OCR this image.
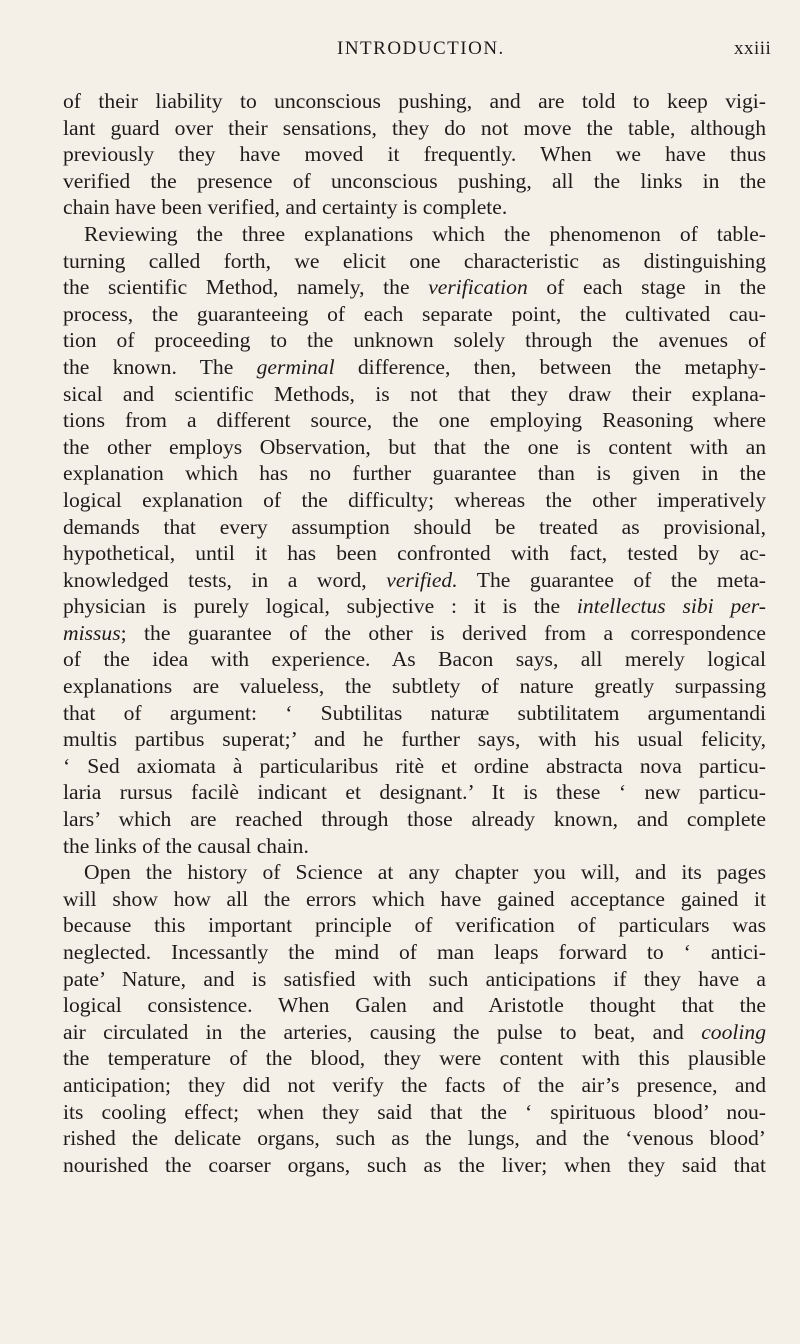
INTRODUCTION.	xxiii
of their liability to unconscious pushing, and are told to keep vigi-
lant guard over their sensations, they do not move the table, although
previously they have moved it frequently. When we have thus
verified the presence of unconscious pushing, all the links in the
chain have been verified, and certainty is complete.
Reviewing the three explanations which the phenomenon of table-
turning called forth, we elicit one characteristic as distinguishing
the scientific Method, namely, the verification of each stage in the
process, the guaranteeing of each separate point, the cultivated cau-
tion of proceeding to the unknown solely through the avenues of
the known. The germinal difference, then, between the metaphy-
sical and scientific Methods, is not that they draw their explana-
tions from a different source, the one employing Reasoning where
the other employs Observation, but that the one is content with an
explanation which has no further guarantee than is given in the
logical explanation of the difficulty; whereas the other imperatively
demands that every assumption should be treated as provisional,
hypothetical, until it has been confronted with fact, tested by ac-
knowledged tests, in a word, verified. The guarantee of the meta-
physician is purely logical, subjective : it is the intellectus sibi per-
missus; the guarantee of the other is derived from a correspondence
of the idea with experience. As Bacon says, all merely logical
explanations are valueless, the subtlety of nature greatly surpassing
that of argument: ‘ Subtilitas naturæ subtilitatem argumentandi
multis partibus superat;’ and he further says, with his usual felicity,
‘ Sed axiomata à particularibus ritè et ordine abstracta nova particu-
laria rursus facilè indicant et designant.’ It is these ‘ new particu-
lars’ which are reached through those already known, and complete
the links of the causal chain.
Open the history of Science at any chapter you will, and its pages
will show how all the errors which have gained acceptance gained it
because this important principle of verification of particulars was
neglected. Incessantly the mind of man leaps forward to ‘ antici-
pate’ Nature, and is satisfied with such anticipations if they have a
logical consistence. When Galen and Aristotle thought that the
air circulated in the arteries, causing the pulse to beat, and cooling
the temperature of the blood, they were content with this plausible
anticipation; they did not verify the facts of the air’s presence, and
its cooling effect; when they said that the ‘ spirituous blood’ nou-
rished the delicate organs, such as the lungs, and the ‘venous blood’
nourished the coarser organs, such as the liver; when they said that
